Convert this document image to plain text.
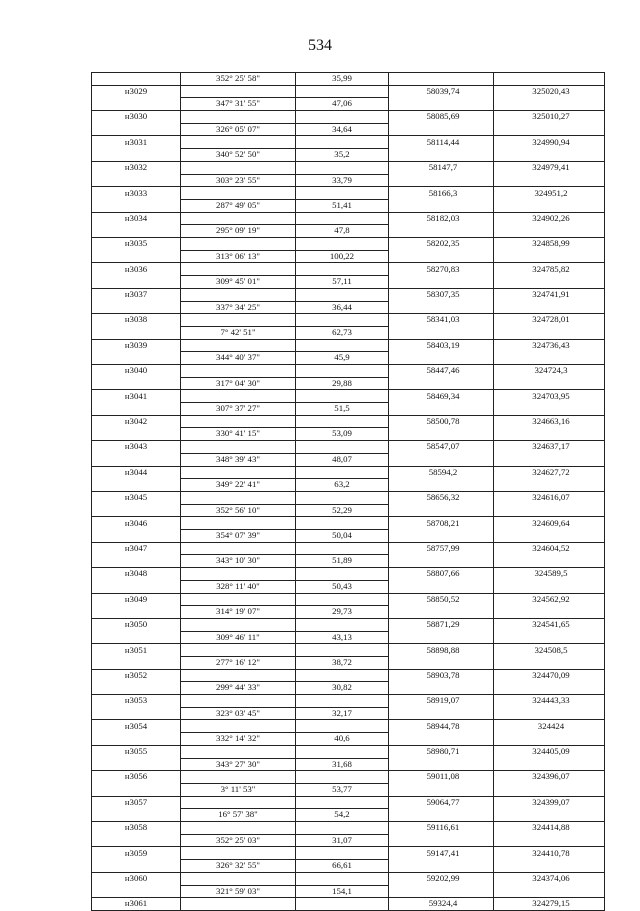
534
	352° 25' 58"	35,99		
н3029			58039,74	325020,43
	347° 31' 55"	47,06		
н3030			58085,69	325010,27
	326° 05' 07"	34,64		
н3031			58114,44	324990,94
	340° 52' 50"	35,2		
н3032			58147,7	324979,41
	303° 23' 55"	33,79		
н3033			58166,3	324951,2
	287° 49' 05"	51,41		
н3034			58182,03	324902,26
	295° 09' 19"	47,8		
н3035			58202,35	324858,99
	313° 06' 13"	100,22		
н3036			58270,83	324785,82
	309° 45' 01"	57,11		
н3037			58307,35	324741,91
	337° 34' 25"	36,44		
н3038			58341,03	324728,01
	7° 42' 51"	62,73		
н3039			58403,19	324736,43
	344° 40' 37"	45,9		
н3040			58447,46	324724,3
	317° 04' 30"	29,88		
н3041			58469,34	324703,95
	307° 37' 27"	51,5		
н3042			58500,78	324663,16
	330° 41' 15"	53,09		
н3043			58547,07	324637,17
	348° 39' 43"	48,07		
н3044			58594,2	324627,72
	349° 22' 41"	63,2		
н3045			58656,32	324616,07
	352° 56' 10"	52,29		
н3046			58708,21	324609,64
	354° 07' 39"	50,04		
н3047			58757,99	324604,52
	343° 10' 30"	51,89		
н3048			58807,66	324589,5
	328° 11' 40"	50,43		
н3049			58850,52	324562,92
	314° 19' 07"	29,73		
н3050			58871,29	324541,65
	309° 46' 11"	43,13		
н3051			58898,88	324508,5
	277° 16' 12"	38,72		
н3052			58903,78	324470,09
	299° 44' 33"	30,82		
н3053			58919,07	324443,33
	323° 03' 45"	32,17		
н3054			58944,78	324424
	332° 14' 32"	40,6		
н3055			58980,71	324405,09
	343° 27' 30"	31,68		
н3056			59011,08	324396,07
	3° 11' 53"	53,77		
н3057			59064,77	324399,07
	16° 57' 38"	54,2		
н3058			59116,61	324414,88
	352° 25' 03"	31,07		
н3059			59147,41	324410,78
	326° 32' 55"	66,61		
н3060			59202,99	324374,06
	321° 59' 03"	154,1		
н3061			59324,4	324279,15
